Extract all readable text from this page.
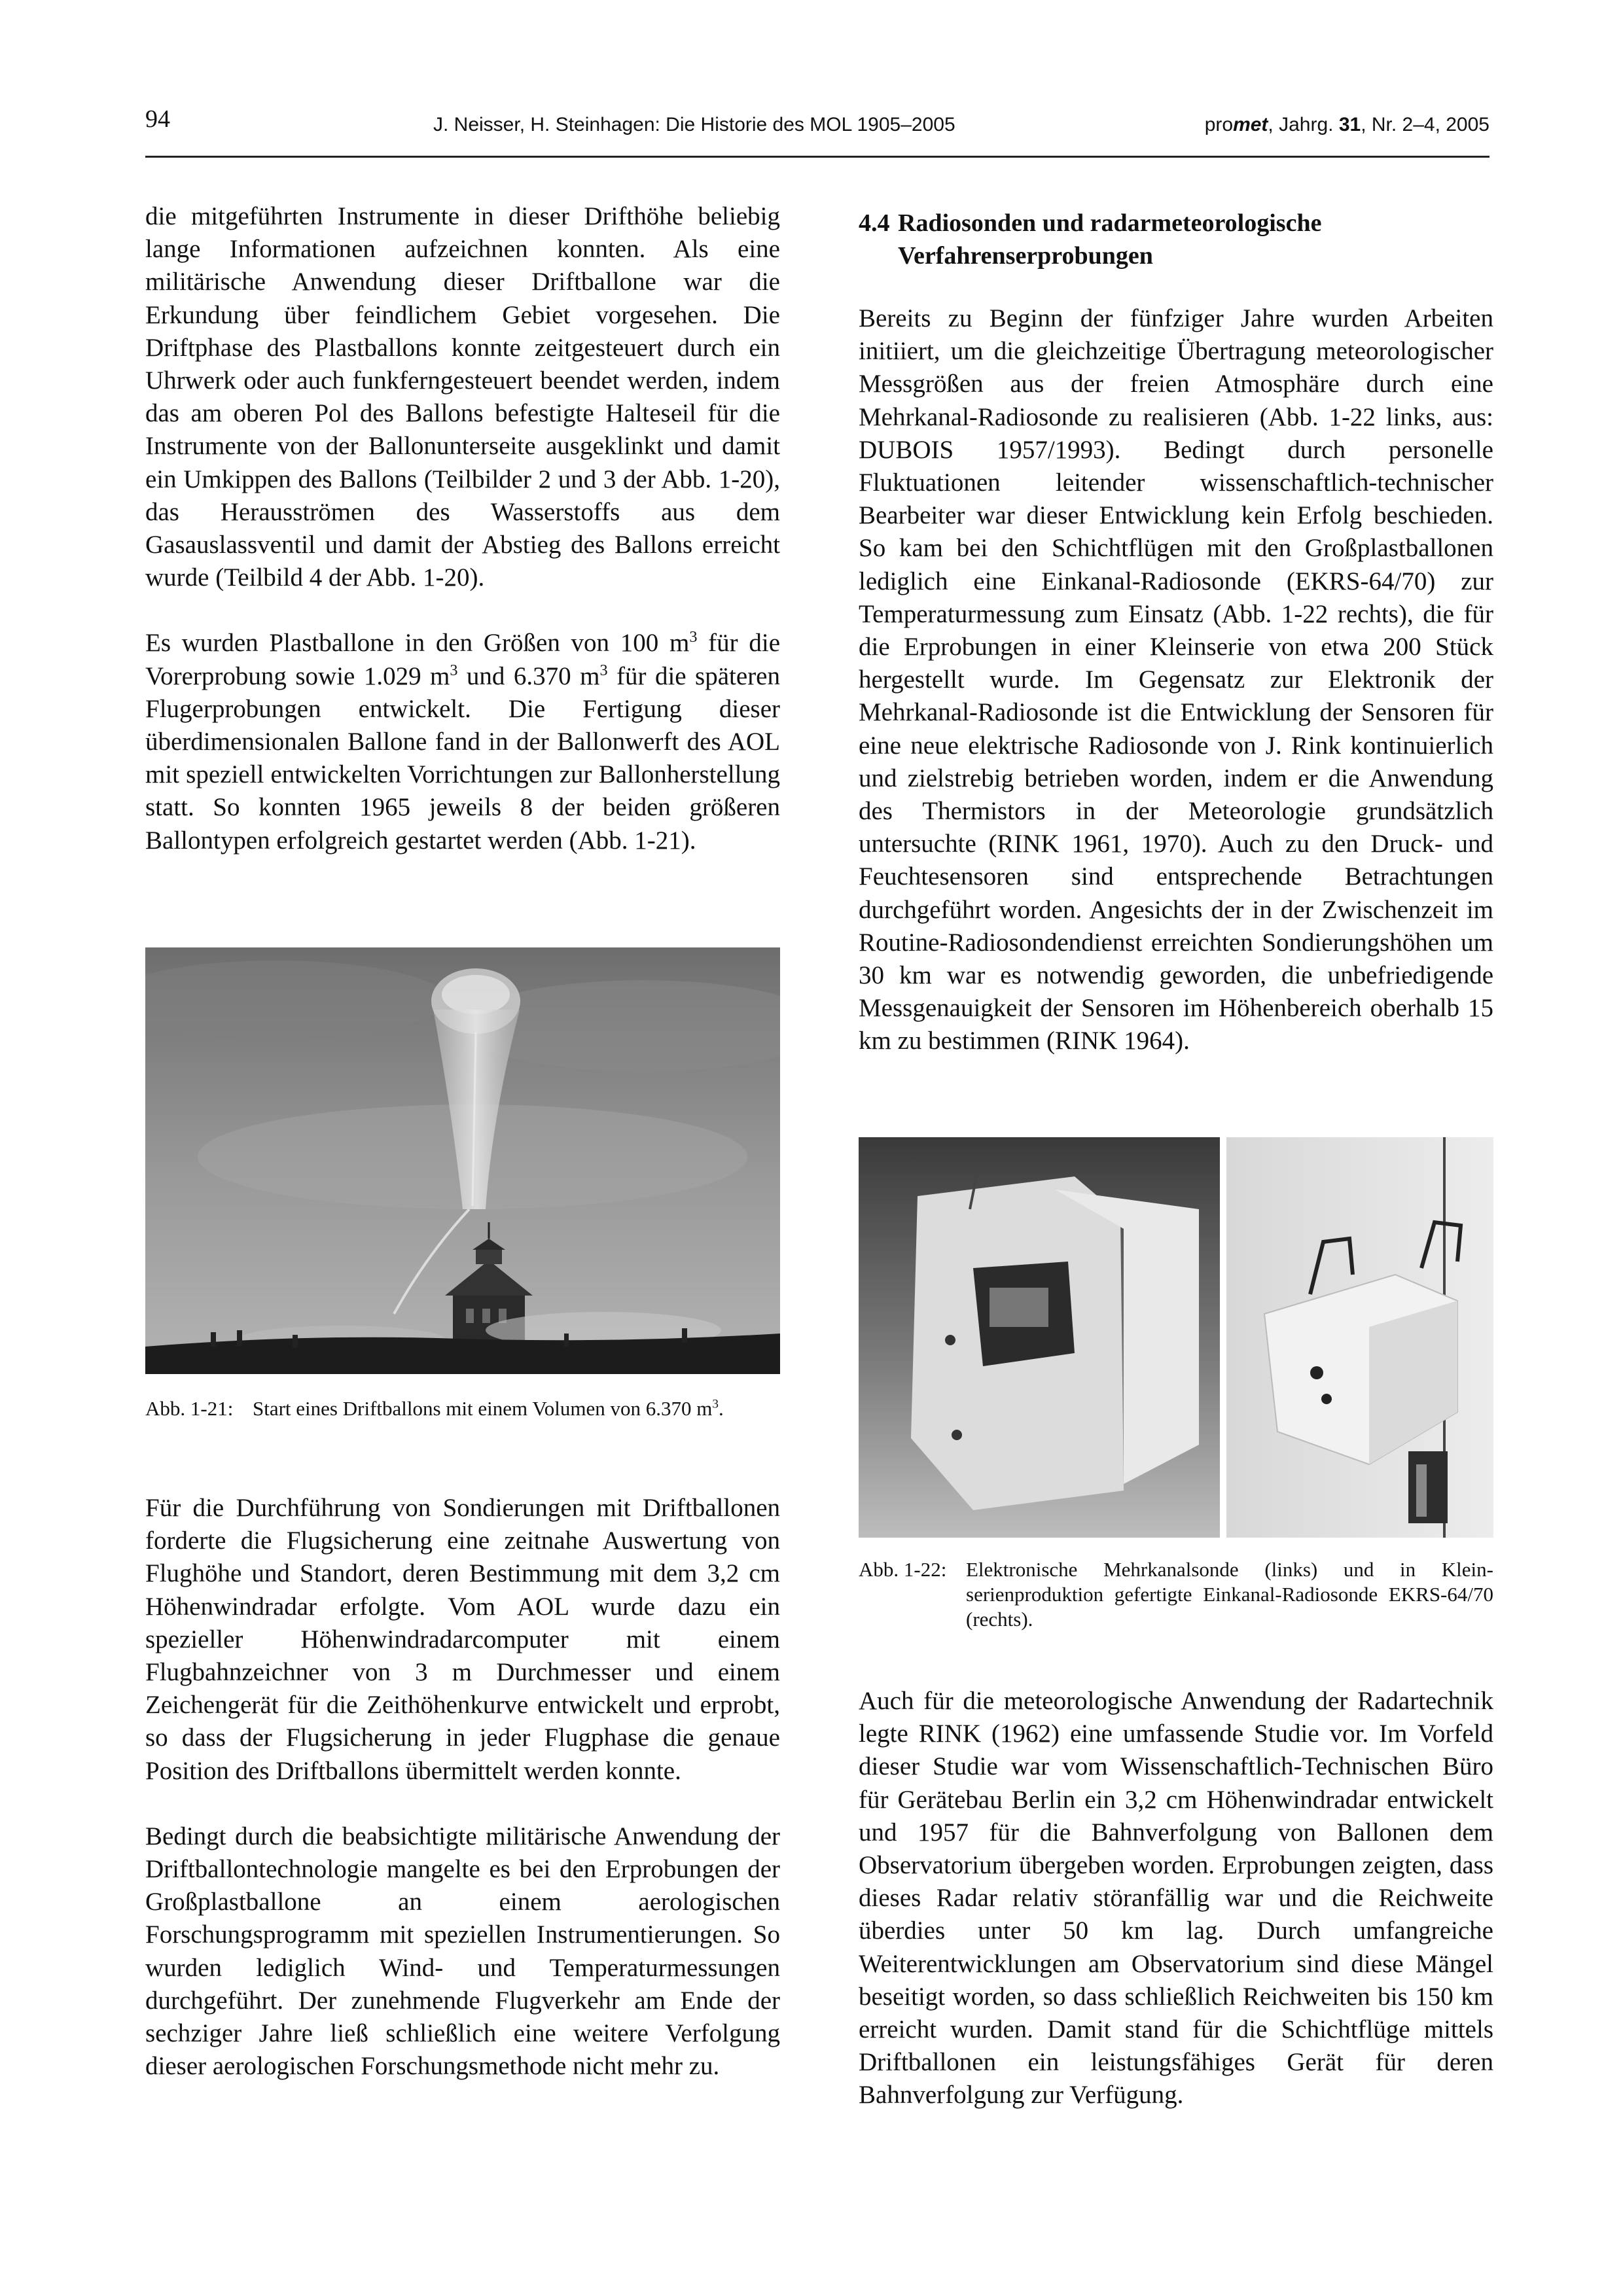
94	J. Neisser, H. Steinhagen: Die Historie des MOL 1905–2005	promet, Jahrg. 31, Nr. 2–4, 2005

die mitgeführten Instrumente in dieser Drifthöhe beliebig lange Informationen aufzeichnen konnten. Als eine militärische Anwendung dieser Driftballone war die Erkundung über feindlichem Gebiet vorgesehen. Die Driftphase des Plastballons konnte zeitgesteuert durch ein Uhrwerk oder auch funkferngesteuert beendet werden, indem das am oberen Pol des Ballons befestigte Halteseil für die Instrumente von der Ballonunterseite ausgeklinkt und damit ein Umkippen des Ballons (Teilbilder 2 und 3 der Abb. 1-20), das Herausströmen des Wasserstoffs aus dem Gasauslassventil und damit der Abstieg des Ballons erreicht wurde (Teilbild 4 der Abb. 1-20).

Es wurden Plastballone in den Größen von 100 $m^3$ für die Vorerprobung sowie 1.029 $m^3$ und 6.370 $m^3$ für die späteren Flugerprobungen entwickelt. Die Fertigung dieser überdimensionalen Ballone fand in der Ballonwerft des AOL mit speziell entwickelten Vorrichtungen zur Ballonherstellung statt. So konnten 1965 jeweils 8 der beiden größeren Ballontypen erfolgreich gestartet werden (Abb. 1-21).

Abb. 1-21: Start eines Driftballons mit einem Volumen von 6.370 $m^3$.

Für die Durchführung von Sondierungen mit Driftballonen forderte die Flugsicherung eine zeitnahe Auswertung von Flughöhe und Standort, deren Bestimmung mit dem 3,2 cm Höhenwindradar erfolgte. Vom AOL wurde dazu ein spezieller Höhenwindradarcomputer mit einem Flugbahnzeichner von 3 m Durchmesser und einem Zeichengerät für die Zeithöhenkurve entwickelt und erprobt, so dass der Flugsicherung in jeder Flugphase die genaue Position des Driftballons übermittelt werden konnte.

Bedingt durch die beabsichtigte militärische Anwendung der Driftballontechnologie mangelte es bei den Erprobungen der Großplastballone an einem aerologischen Forschungsprogramm mit speziellen Instrumentierungen. So wurden lediglich Wind- und Temperaturmessungen durchgeführt. Der zunehmende Flugverkehr am Ende der sechziger Jahre ließ schließlich eine weitere Verfolgung dieser aerologischen Forschungsmethode nicht mehr zu.

4.4 Radiosonden und radarmeteorologische
Verfahrenserprobungen

Bereits zu Beginn der fünfziger Jahre wurden Arbeiten initiiert, um die gleichzeitige Übertragung meteorologischer Messgrößen aus der freien Atmosphäre durch eine Mehrkanal-Radiosonde zu realisieren (Abb. 1-22 links, aus: DUBOIS 1957/1993). Bedingt durch personelle Fluktuationen leitender wissenschaftlich-technischer Bearbeiter war dieser Entwicklung kein Erfolg beschieden. So kam bei den Schichtflügen mit den Großplastballonen lediglich eine Einkanal-Radiosonde (EKRS-64/70) zur Temperaturmessung zum Einsatz (Abb. 1-22 rechts), die für die Erprobungen in einer Kleinserie von etwa 200 Stück hergestellt wurde. Im Gegensatz zur Elektronik der Mehrkanal-Radiosonde ist die Entwicklung der Sensoren für eine neue elektrische Radiosonde von J. Rink kontinuierlich und zielstrebig betrieben worden, indem er die Anwendung des Thermistors in der Meteorologie grundsätzlich untersuchte (RINK 1961, 1970). Auch zu den Druck- und Feuchtesensoren sind entsprechende Betrachtungen durchgeführt worden. Angesichts der in der Zwischenzeit im Routine-Radiosondendienst erreichten Sondierungshöhen um 30 km war es notwendig geworden, die unbefriedigende Messgenauigkeit der Sensoren im Höhenbereich oberhalb 15 km zu bestimmen (RINK 1964).

Abb. 1-22: Elektronische Mehrkanalsonde (links) und in Kleinserienproduktion gefertigte Einkanal-Radiosonde EKRS-64/70 (rechts).

Auch für die meteorologische Anwendung der Radartechnik legte RINK (1962) eine umfassende Studie vor. Im Vorfeld dieser Studie war vom Wissenschaftlich-Technischen Büro für Gerätebau Berlin ein 3,2 cm Höhenwindradar entwickelt und 1957 für die Bahnverfolgung von Ballonen dem Observatorium übergeben worden. Erprobungen zeigten, dass dieses Radar relativ störanfällig war und die Reichweite überdies unter 50 km lag. Durch umfangreiche Weiterentwicklungen am Observatorium sind diese Mängel beseitigt worden, so dass schließlich Reichweiten bis 150 km erreicht wurden. Damit stand für die Schichtflüge mittels Driftballonen ein leistungsfähiges Gerät für deren Bahnverfolgung zur Verfügung.
